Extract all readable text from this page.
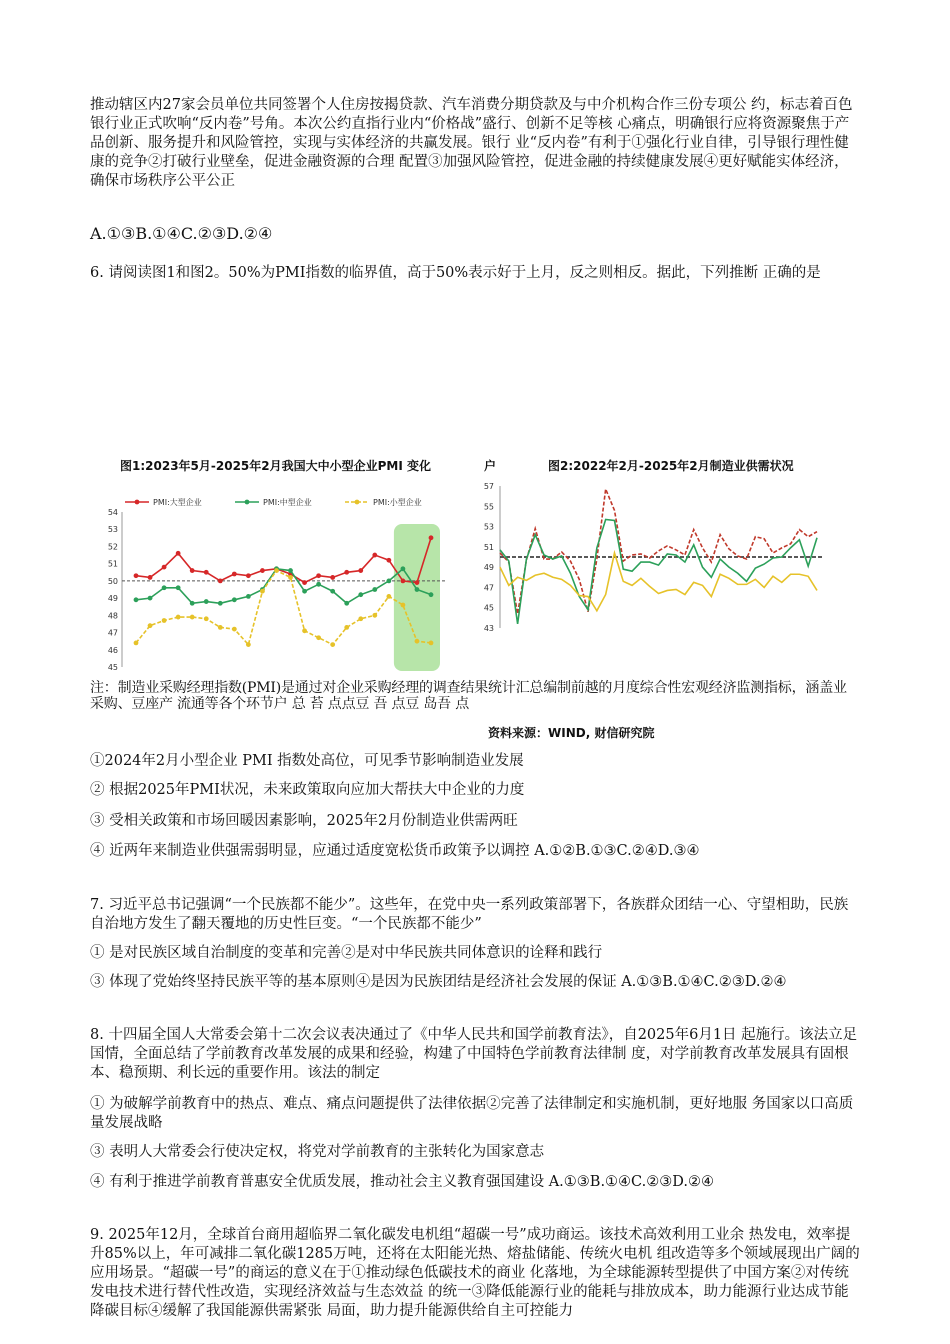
推动辖区内27家会员单位共同签署个人住房按揭贷款、汽车消费分期贷款及与中介机构合作三份专项公 约，标志着百色银行业正式吹响“反内卷”号角。本次公约直指行业内“价格战”盛行、创新不足等核 心痛点，明确银行应将资源聚焦于产品创新、服务提升和风险管控，实现与实体经济的共赢发展。银行 业“反内卷”有利于①强化行业自律，引导银行理性健康的竞争②打破行业壁垒，促进金融资源的合理 配置③加强风险管控，促进金融的持续健康发展④更好赋能实体经济，确保市场秩序公平公正

A.①③B.①④C.②③D.②④

6. 请阅读图1和图2。50%为PMI指数的临界值，高于50%表示好于上月，反之则相反。据此，下列推断 正确的是

图1:2023年5月-2025年2月我国大中小型企业PMI 变化	户	图2:2022年2月-2025年2月制造业供需状况
PMI:大型企业	PMI:中型企业	PMI:小型企业
45
46
47
48
49
50
51
52
53
54
43
45
47
49
51
53
55
57

注：制造业采购经理指数(PMI)是通过对企业采购经理的调查结果统计汇总编制前越的月度综合性宏观经济监测指标，涵盖业采购、豆座产 流通等各个环节户 总 苔 点点豆 吾 点豆 岛吾 点

资料来源：WIND, 财信研究院

①2024年2月小型企业 PMI 指数处高位，可见季节影响制造业发展

② 根据2025年PMI状况，未来政策取向应加大帮扶大中企业的力度

③ 受相关政策和市场回暖因素影响，2025年2月份制造业供需两旺

④ 近两年来制造业供强需弱明显，应通过适度宽松货币政策予以调控 A.①②B.①③C.②④D.③④

7. 习近平总书记强调“一个民族都不能少”。这些年，在党中央一系列政策部署下，各族群众团结一心、守望相助，民族自治地方发生了翻天覆地的历史性巨变。“一个民族都不能少”

① 是对民族区域自治制度的变革和完善②是对中华民族共同体意识的诠释和践行

③ 体现了党始终坚持民族平等的基本原则④是因为民族团结是经济社会发展的保证 A.①③B.①④C.②③D.②④

8. 十四届全国人大常委会第十二次会议表决通过了《中华人民共和国学前教育法》，自2025年6月1日 起施行。该法立足国情，全面总结了学前教育改革发展的成果和经验，构建了中国特色学前教育法律制 度，对学前教育改革发展具有固根本、稳预期、利长远的重要作用。该法的制定

① 为破解学前教育中的热点、难点、痛点问题提供了法律依据②完善了法律制定和实施机制，更好地服 务国家以口高质量发展战略

③ 表明人大常委会行使决定权，将党对学前教育的主张转化为国家意志

④ 有利于推进学前教育普惠安全优质发展，推动社会主义教育强国建设 A.①③B.①④C.②③D.②④

9. 2025年12月，全球首台商用超临界二氧化碳发电机组“超碳一号”成功商运。该技术高效利用工业余 热发电，效率提升85%以上，年可减排二氧化碳1285万吨，还将在太阳能光热、熔盐储能、传统火电机 组改造等多个领域展现出广阔的应用场景。“超碳一号”的商运的意义在于①推动绿色低碳技术的商业 化落地，为全球能源转型提供了中国方案②对传统发电技术进行替代性改造，实现经济效益与生态效益 的统一③降低能源行业的能耗与排放成本，助力能源行业达成节能降碳目标④缓解了我国能源供需紧张 局面，助力提升能源供给自主可控能力
